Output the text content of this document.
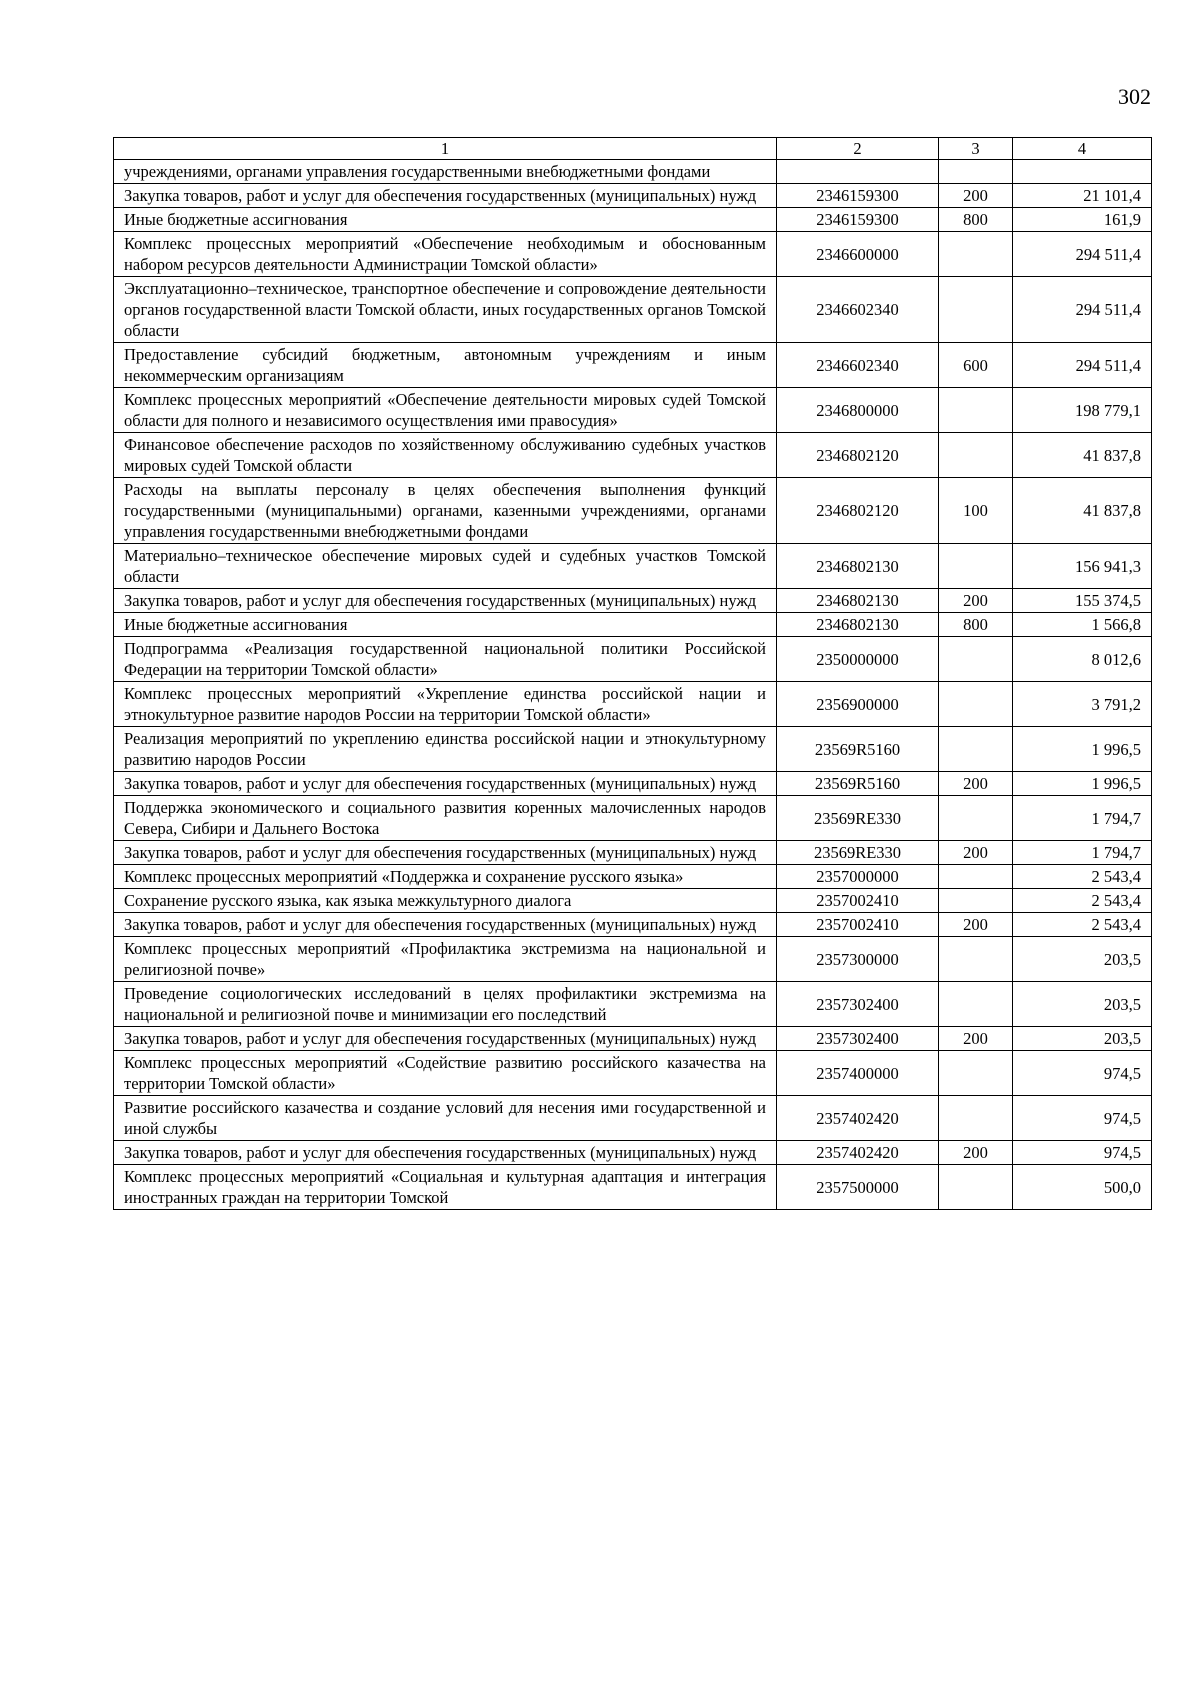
302
1	2	3	4
учреждениями, органами управления государственными внебюджетными фондами			
Закупка товаров, работ и услуг для обеспечения государственных (муниципальных) нужд	2346159300	200	21 101,4
Иные бюджетные ассигнования	2346159300	800	161,9
Комплекс процессных мероприятий «Обеспечение необходимым и обоснованным набором ресурсов деятельности Администрации Томской области»	2346600000		294 511,4
Эксплуатационно–техническое, транспортное обеспечение и сопровождение деятельности органов государственной власти Томской области, иных государственных органов Томской области	2346602340		294 511,4
Предоставление субсидий бюджетным, автономным учреждениям и иным некоммерческим организациям	2346602340	600	294 511,4
Комплекс процессных мероприятий «Обеспечение деятельности мировых судей Томской области для полного и независимого осуществления ими правосудия»	2346800000		198 779,1
Финансовое обеспечение расходов по хозяйственному обслуживанию судебных участков мировых судей Томской области	2346802120		41 837,8
Расходы на выплаты персоналу в целях обеспечения выполнения функций государственными (муниципальными) органами, казенными учреждениями, органами управления государственными внебюджетными фондами	2346802120	100	41 837,8
Материально–техническое обеспечение мировых судей и судебных участков Томской области	2346802130		156 941,3
Закупка товаров, работ и услуг для обеспечения государственных (муниципальных) нужд	2346802130	200	155 374,5
Иные бюджетные ассигнования	2346802130	800	1 566,8
Подпрограмма «Реализация государственной национальной политики Российской Федерации на территории Томской области»	2350000000		8 012,6
Комплекс процессных мероприятий «Укрепление единства российской нации и этнокультурное развитие народов России на территории Томской области»	2356900000		3 791,2
Реализация мероприятий по укреплению единства российской нации и этнокультурному развитию народов России	23569R5160		1 996,5
Закупка товаров, работ и услуг для обеспечения государственных (муниципальных) нужд	23569R5160	200	1 996,5
Поддержка экономического и социального развития коренных малочисленных народов Севера, Сибири и Дальнего Востока	23569RE330		1 794,7
Закупка товаров, работ и услуг для обеспечения государственных (муниципальных) нужд	23569RE330	200	1 794,7
Комплекс процессных мероприятий «Поддержка и сохранение русского языка»	2357000000		2 543,4
Сохранение русского языка, как языка межкультурного диалога	2357002410		2 543,4
Закупка товаров, работ и услуг для обеспечения государственных (муниципальных) нужд	2357002410	200	2 543,4
Комплекс процессных мероприятий «Профилактика экстремизма на национальной и религиозной почве»	2357300000		203,5
Проведение социологических исследований в целях профилактики экстремизма на национальной и религиозной почве и минимизации его последствий	2357302400		203,5
Закупка товаров, работ и услуг для обеспечения государственных (муниципальных) нужд	2357302400	200	203,5
Комплекс процессных мероприятий «Содействие развитию российского казачества на территории Томской области»	2357400000		974,5
Развитие российского казачества и создание условий для несения ими государственной и иной службы	2357402420		974,5
Закупка товаров, работ и услуг для обеспечения государственных (муниципальных) нужд	2357402420	200	974,5
Комплекс процессных мероприятий «Социальная и культурная адаптация и интеграция иностранных граждан на территории Томской	2357500000		500,0
